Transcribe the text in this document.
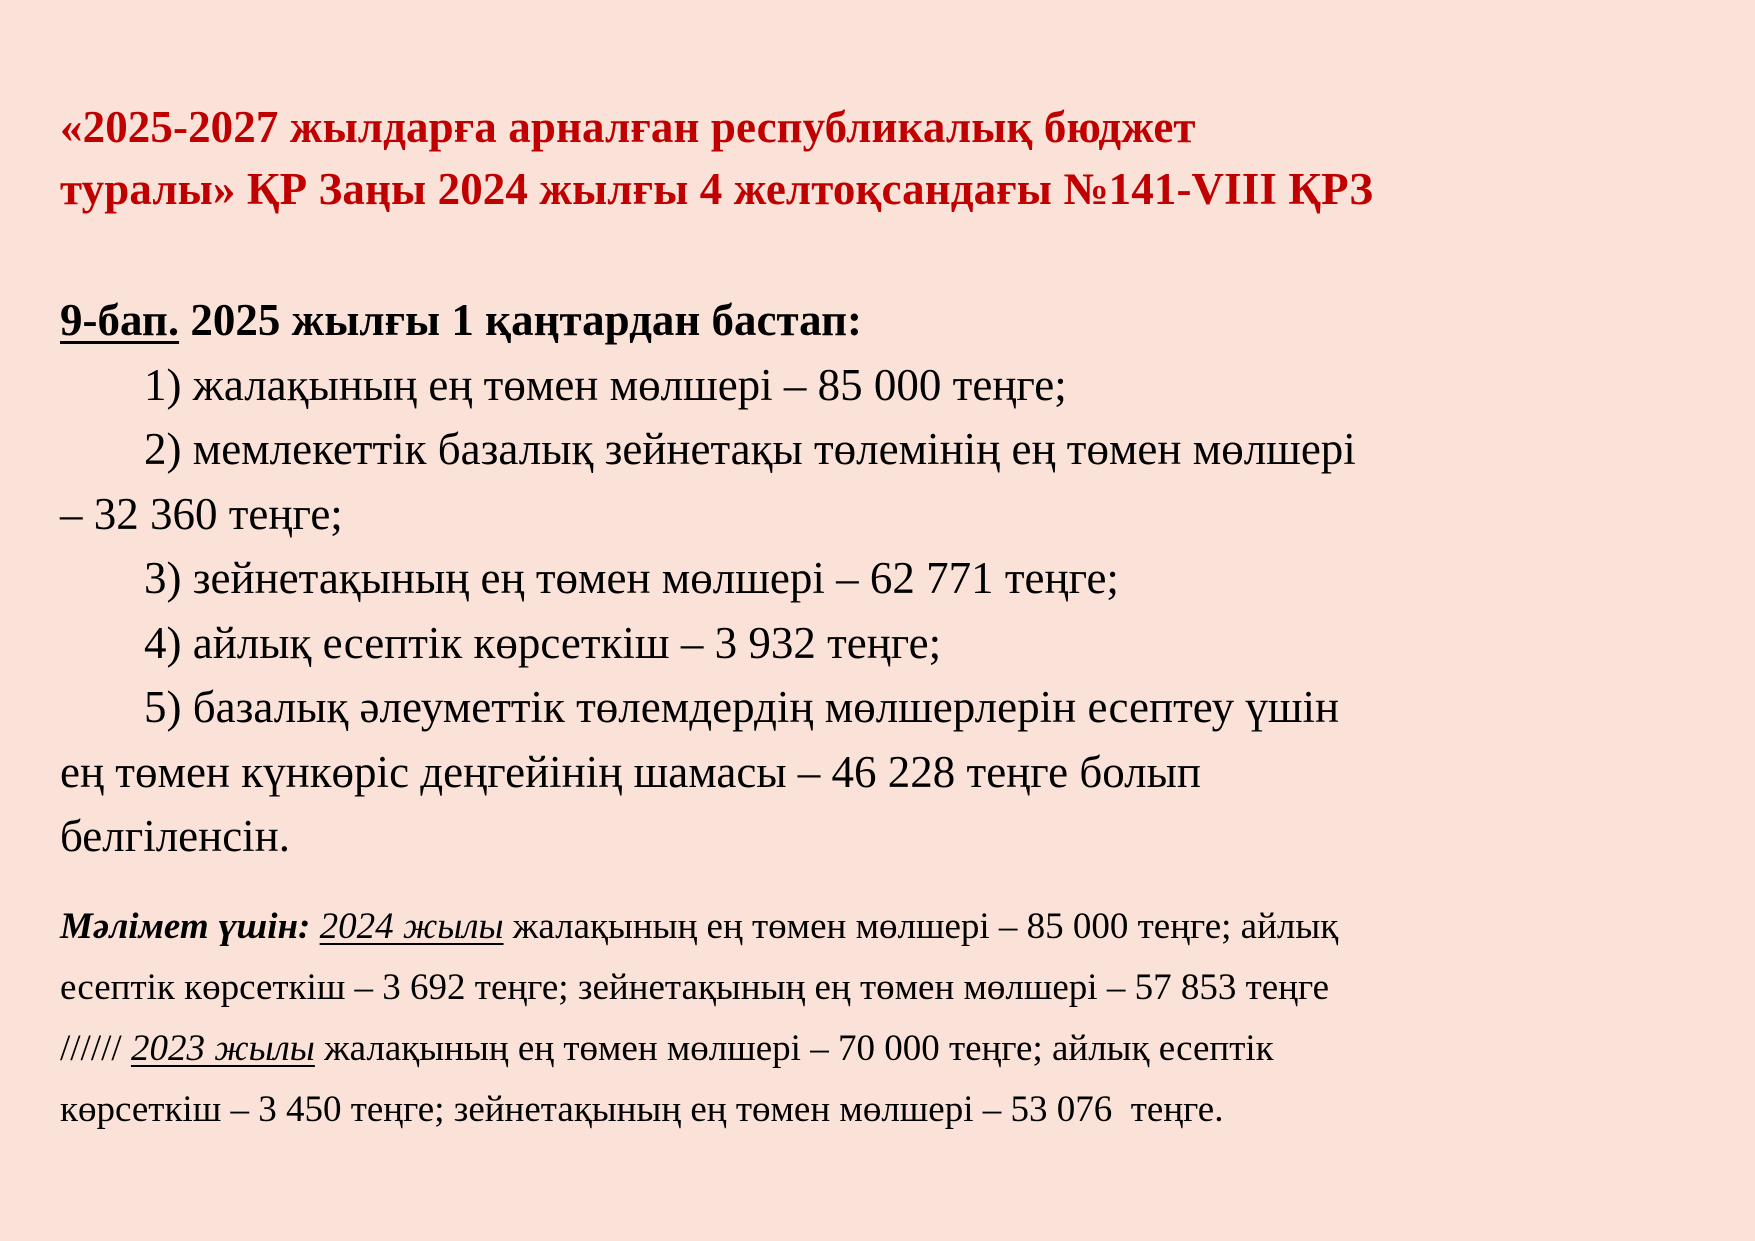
«2025-2027 жылдарға арналған республикалық бюджет
туралы» ҚР Заңы 2024 жылғы 4 желтоқсандағы №141-VIII ҚРЗ
9-бап. 2025 жылғы 1 қаңтардан бастап:
1) жалақының ең төмен мөлшері – 85 000 теңге;
2) мемлекеттік базалық зейнетақы төлемінің ең төмен мөлшері
– 32 360 теңге;
3) зейнетақының ең төмен мөлшері – 62 771 теңге;
4) айлық есептік көрсеткіш – 3 932 теңге;
5) базалық әлеуметтік төлемдердің мөлшерлерін есептеу үшін
ең төмен күнкөріс деңгейінің шамасы – 46 228 теңге болып
белгіленсін.
Мәлімет үшін: 2024 жылы жалақының ең төмен мөлшері – 85 000 теңге; айлық
есептік көрсеткіш – 3 692 теңге; зейнетақының ең төмен мөлшері – 57 853 теңге
////// 2023 жылы жалақының ең төмен мөлшері – 70 000 теңге; айлық есептік
көрсеткіш – 3 450 теңге; зейнетақының ең төмен мөлшері – 53 076  теңге.
